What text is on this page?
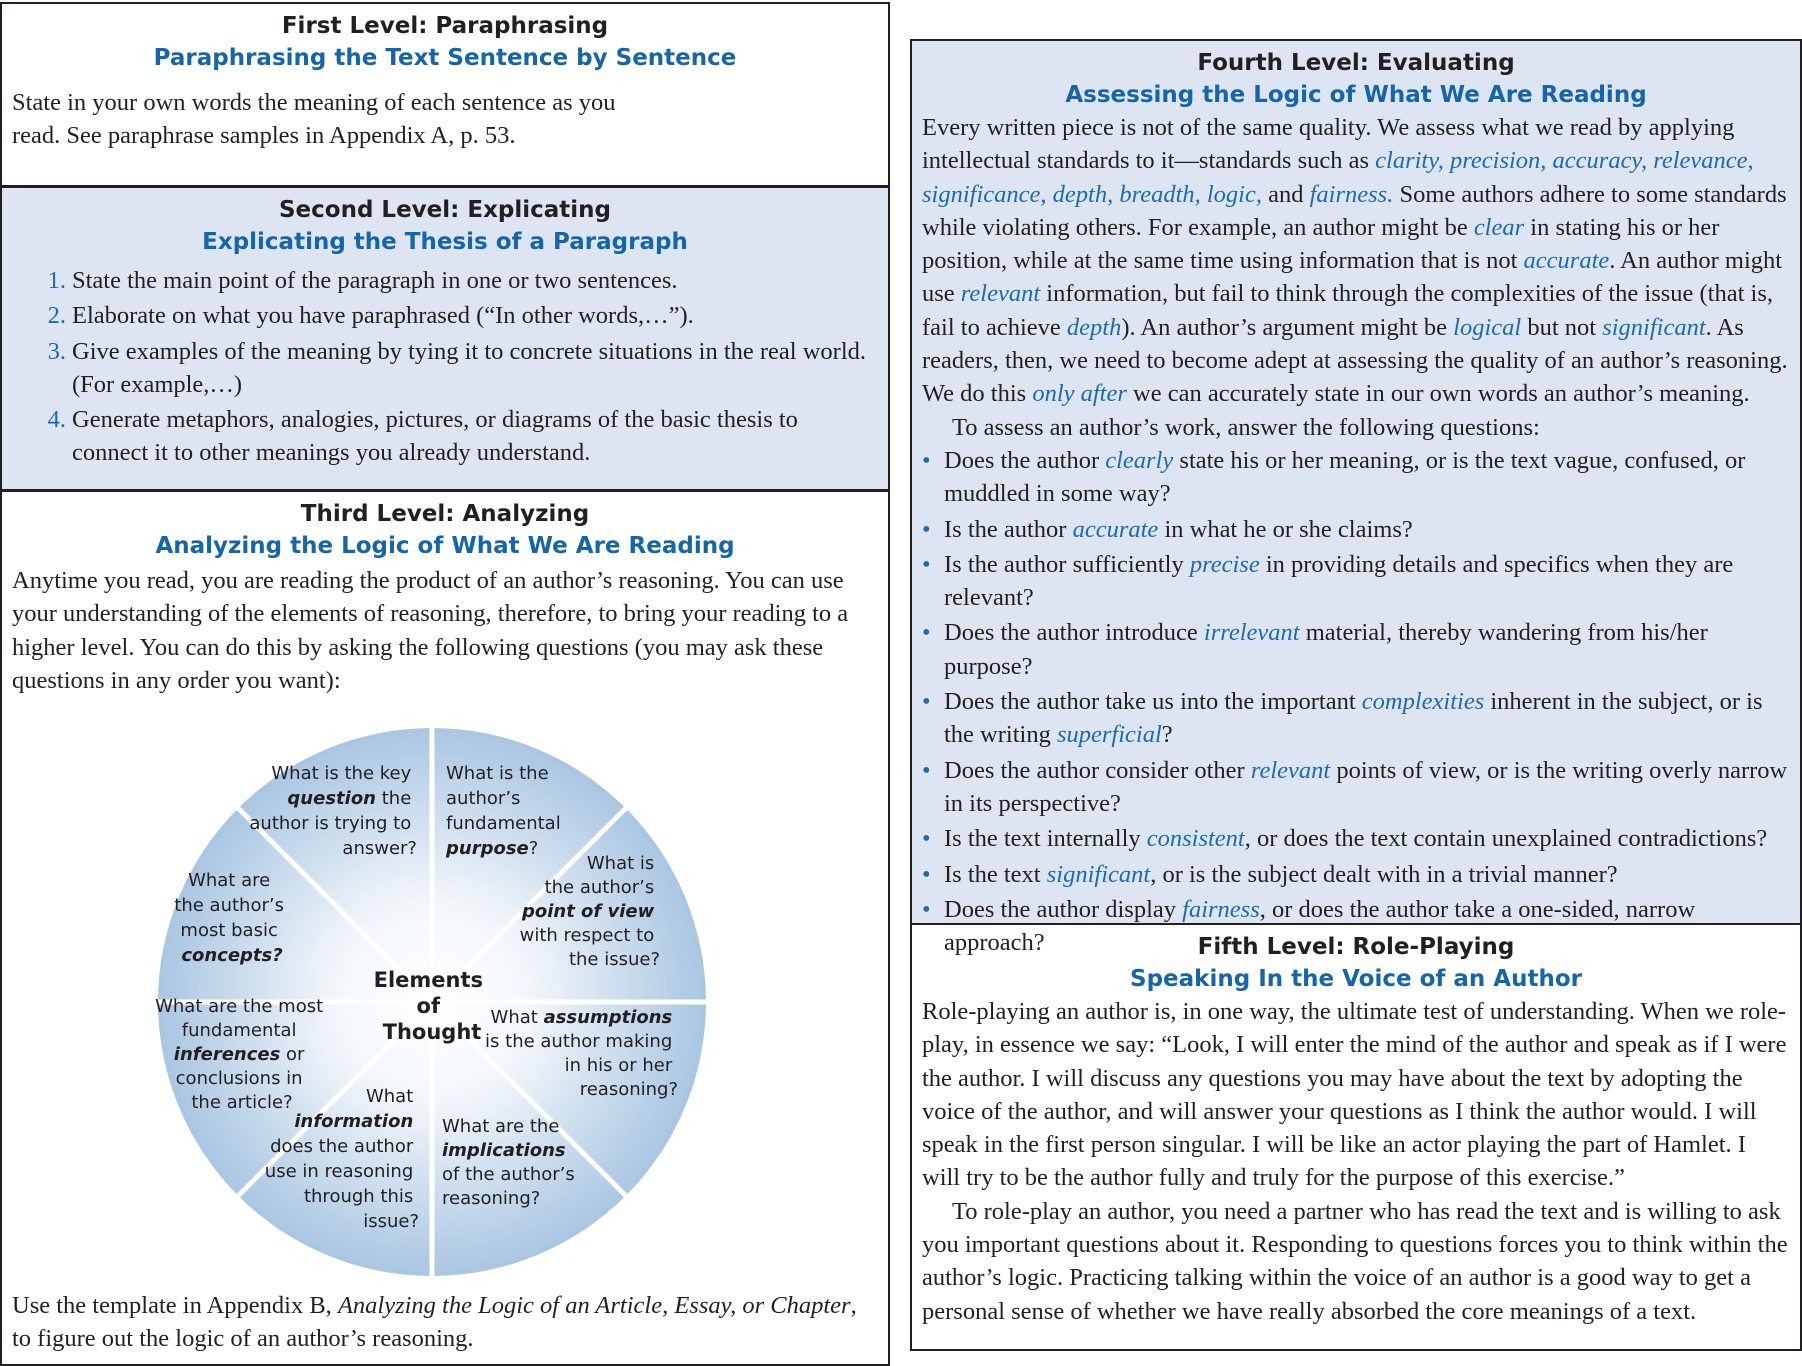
First Level: Paraphrasing
Paraphrasing the Text Sentence by Sentence

State in your own words the meaning of each sentence as you read. See paraphrase samples in Appendix A, p. 53.

Second Level: Explicating
Explicating the Thesis of a Paragraph
1. State the main point of the paragraph in one or two sentences.
2. Elaborate on what you have paraphrased (“In other words,…”).
3. Give examples of the meaning by tying it to concrete situations in the real world. (For example,…)
4. Generate metaphors, analogies, pictures, or diagrams of the basic thesis to connect it to other meanings you already understand.
Third Level: Analyzing
Analyzing the Logic of What We Are Reading

Anytime you read, you are reading the product of an author’s reasoning. You can use your understanding of the elements of reasoning, therefore, to bring your reading to a higher level. You can do this by asking the following questions (you may ask these questions in any order you want):

Elements of Thought
What is the key question the author is trying to answer?
What is the author’s fundamental purpose?
What is the author’s point of view with respect to the issue?
What assumptions is the author making in his or her reasoning?
What are the implications of the author’s reasoning?
What information does the author use in reasoning through this issue?
What are the most fundamental inferences or conclusions in the article?
What are the author’s most basic concepts?

Use the template in Appendix B, Analyzing the Logic of an Article, Essay, or Chapter, to figure out the logic of an author’s reasoning.

Fourth Level: Evaluating
Assessing the Logic of What We Are Reading

Every written piece is not of the same quality. We assess what we read by applying intellectual standards to it—standards such as clarity, precision, accuracy, relevance, significance, depth, breadth, logic, and fairness. Some authors adhere to some standards while violating others. For example, an author might be clear in stating his or her position, while at the same time using information that is not accurate. An author might use relevant information, but fail to think through the complexities of the issue (that is, fail to achieve depth). An author’s argument might be logical but not significant. As readers, then, we need to become adept at assessing the quality of an author’s reasoning. We do this only after we can accurately state in our own words an author’s meaning.

To assess an author’s work, answer the following questions:

• Does the author clearly state his or her meaning, or is the text vague, confused, or muddled in some way?
• Is the author accurate in what he or she claims?
• Is the author sufficiently precise in providing details and specifics when they are relevant?
• Does the author introduce irrelevant material, thereby wandering from his/her purpose?
• Does the author take us into the important complexities inherent in the subject, or is the writing superficial?
• Does the author consider other relevant points of view, or is the writing overly narrow in its perspective?
• Is the text internally consistent, or does the text contain unexplained contradictions?
• Is the text significant, or is the subject dealt with in a trivial manner?
• Does the author display fairness, or does the author take a one-sided, narrow approach?	Fifth Level: Role-Playing
Speaking In the Voice of an Author

Role-playing an author is, in one way, the ultimate test of understanding. When we role-play, in essence we say: “Look, I will enter the mind of the author and speak as if I were the author. I will discuss any questions you may have about the text by adopting the voice of the author, and will answer your questions as I think the author would. I will speak in the first person singular. I will be like an actor playing the part of Hamlet. I will try to be the author fully and truly for the purpose of this exercise.”

To role-play an author, you need a partner who has read the text and is willing to ask you important questions about it. Responding to questions forces you to think within the author’s logic. Practicing talking within the voice of an author is a good way to get a personal sense of whether we have really absorbed the core meanings of a text.
